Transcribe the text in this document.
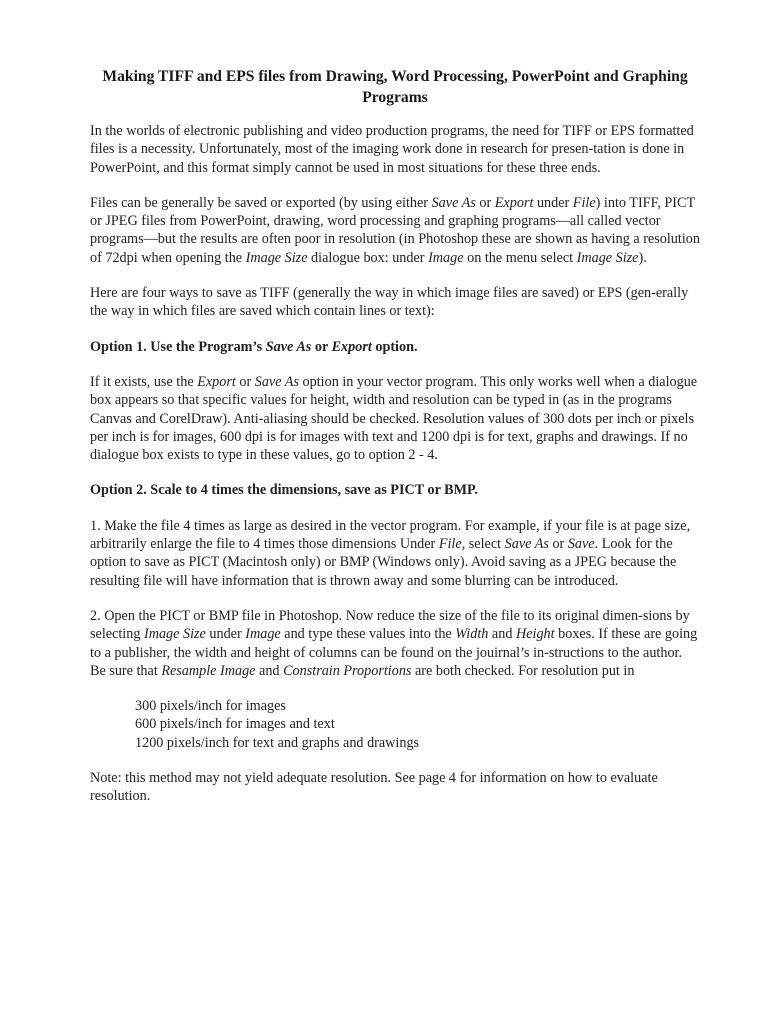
Making TIFF and EPS files from Drawing, Word Processing, PowerPoint and Graphing Programs

In the worlds of electronic publishing and video production programs, the need for TIFF or EPS formatted files is a necessity. Unfortunately, most of the imaging work done in research for presen-tation is done in PowerPoint, and this format simply cannot be used in most situations for these three ends.

Files can be generally be saved or exported (by using either Save As or Export under File) into TIFF, PICT or JPEG files from PowerPoint, drawing, word processing and graphing programs—all called vector programs—but the results are often poor in resolution (in Photoshop these are shown as having a resolution of 72dpi when opening the Image Size dialogue box: under Image on the menu select Image Size).

Here are four ways to save as TIFF (generally the way in which image files are saved) or EPS (gen-erally the way in which files are saved which contain lines or text):

Option 1. Use the Program’s Save As or Export option.

If it exists, use the Export or Save As option in your vector program. This only works well when a dialogue box appears so that specific values for height, width and resolution can be typed in (as in the programs Canvas and CorelDraw). Anti-aliasing should be checked. Resolution values of 300 dots per inch or pixels per inch is for images, 600 dpi is for images with text and 1200 dpi is for text, graphs and drawings. If no dialogue box exists to type in these values, go to option 2 - 4.

Option 2. Scale to 4 times the dimensions, save as PICT or BMP.

1. Make the file 4 times as large as desired in the vector program. For example, if your file is at page size, arbitrarily enlarge the file to 4 times those dimensions Under File, select Save As or Save. Look for the option to save as PICT (Macintosh only) or BMP (Windows only). Avoid saving as a JPEG because the resulting file will have information that is thrown away and some blurring can be introduced.

2. Open the PICT or BMP file in Photoshop. Now reduce the size of the file to its original dimen-sions by selecting Image Size under Image and type these values into the Width and Height boxes. If these are going to a publisher, the width and height of columns can be found on the jouirnal’s in-structions to the author. Be sure that Resample Image and Constrain Proportions are both checked. For resolution put in

300 pixels/inch for images
600 pixels/inch for images and text
1200 pixels/inch for text and graphs and drawings

Note: this method may not yield adequate resolution. See page 4 for information on how to evaluate resolution.
